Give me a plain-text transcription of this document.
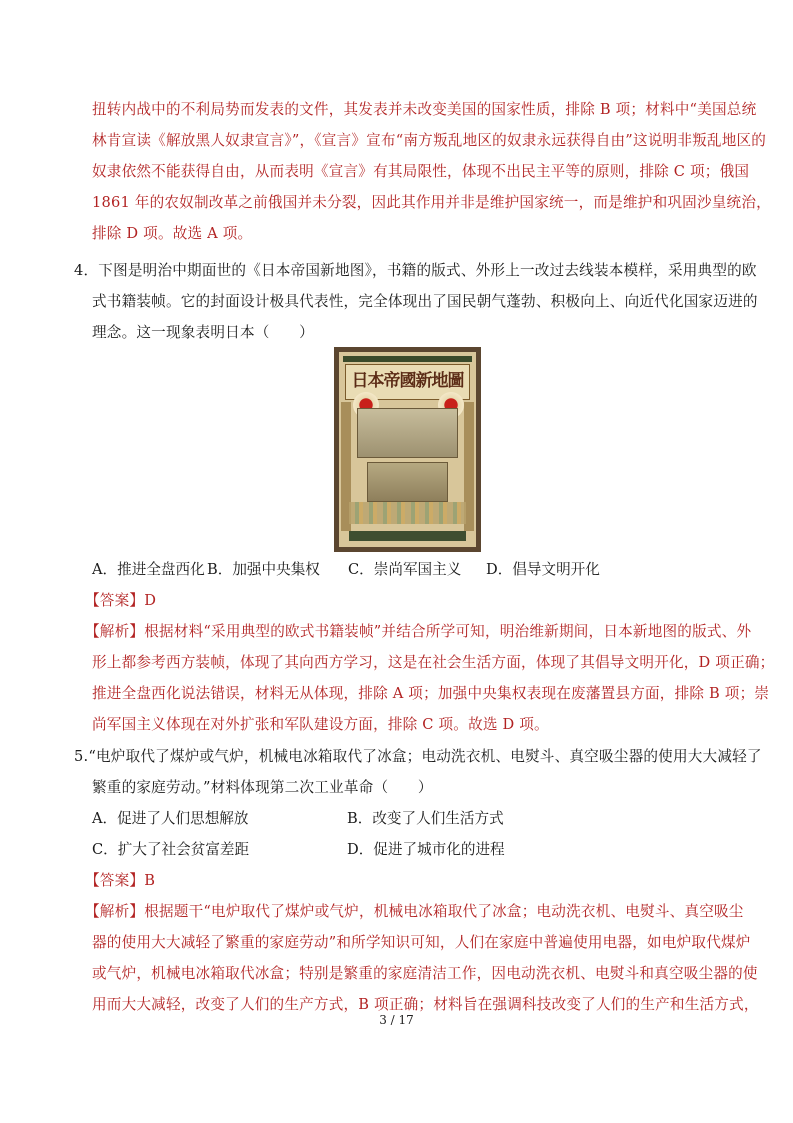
扭转内战中的不利局势而发表的文件，其发表并未改变美国的国家性质，排除 B 项；材料中“美国总统
林肯宣读《解放黑人奴隶宣言》”，《宣言》宣布“南方叛乱地区的奴隶永远获得自由”这说明非叛乱地区的
奴隶依然不能获得自由，从而表明《宣言》有其局限性，体现不出民主平等的原则，排除 C 项；俄国
1861 年的农奴制改革之前俄国并未分裂，因此其作用并非是维护国家统一，而是维护和巩固沙皇统治，
排除 D 项。故选 A 项。
4．下图是明治中期面世的《日本帝国新地图》，书籍的版式、外形上一改过去线装本模样，采用典型的欧
式书籍装帧。它的封面设计极具代表性，完全体现出了国民朝气蓬勃、积极向上、向近代化国家迈进的
理念。这一现象表明日本（　　）
日本帝國新地圖
A．推进全盘西化 B．加强中央集权 C．崇尚军国主义 D．倡导文明开化
【答案】D
【解析】根据材料“采用典型的欧式书籍装帧”并结合所学可知，明治维新期间，日本新地图的版式、外
形上都参考西方装帧，体现了其向西方学习，这是在社会生活方面，体现了其倡导文明开化，D 项正确；
推进全盘西化说法错误，材料无从体现，排除 A 项；加强中央集权表现在废藩置县方面，排除 B 项；崇
尚军国主义体现在对外扩张和军队建设方面，排除 C 项。故选 D 项。
5.“电炉取代了煤炉或气炉，机械电冰箱取代了冰盒；电动洗衣机、电熨斗、真空吸尘器的使用大大减轻了
繁重的家庭劳动。”材料体现第二次工业革命（　　）
A．促进了人们思想解放	B．改变了人们生活方式
C．扩大了社会贫富差距	D．促进了城市化的进程
【答案】B
【解析】根据题干“电炉取代了煤炉或气炉，机械电冰箱取代了冰盒；电动洗衣机、电熨斗、真空吸尘
器的使用大大减轻了繁重的家庭劳动”和所学知识可知，人们在家庭中普遍使用电器，如电炉取代煤炉
或气炉，机械电冰箱取代冰盒；特别是繁重的家庭清洁工作，因电动洗衣机、电熨斗和真空吸尘器的使
用而大大减轻，改变了人们的生产方式，B 项正确；材料旨在强调科技改变了人们的生产和生活方式，
3 / 17
